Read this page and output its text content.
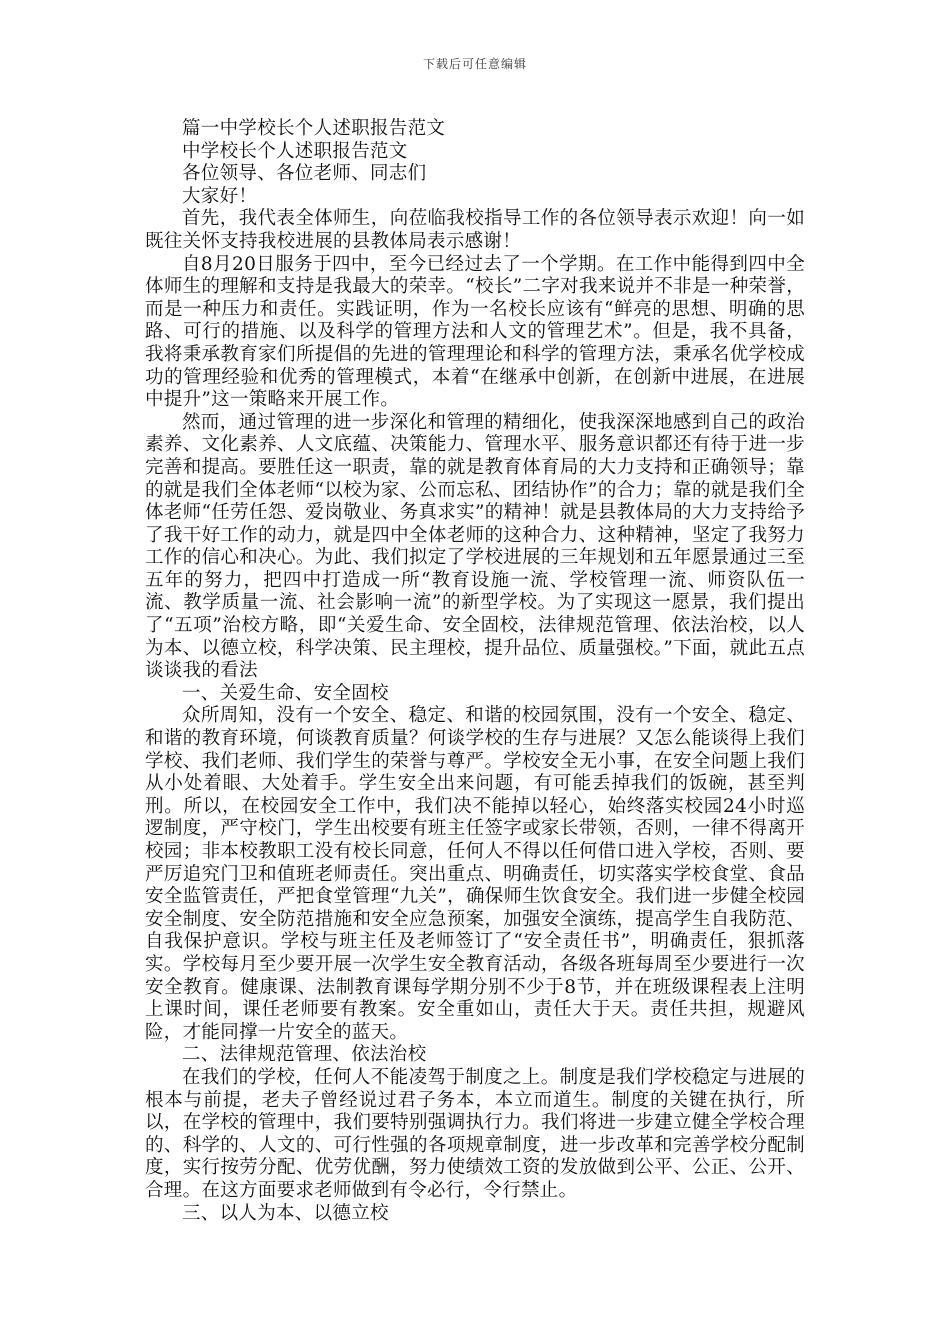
下载后可任意编辑

篇一中学校长个人述职报告范文

中学校长个人述职报告范文

各位领导、各位老师、同志们

大家好！

首先，我代表全体师生，向莅临我校指导工作的各位领导表示欢迎！向一如既往关怀支持我校进展的县教体局表示感谢！

自8月20日服务于四中，至今已经过去了一个学期。在工作中能得到四中全体师生的理解和支持是我最大的荣幸。“校长”二字对我来说并不非是一种荣誉，而是一种压力和责任。实践证明，作为一名校长应该有“鲜亮的思想、明确的思路、可行的措施、以及科学的管理方法和人文的管理艺术”。但是，我不具备，我将秉承教育家们所提倡的先进的管理理论和科学的管理方法，秉承名优学校成功的管理经验和优秀的管理模式，本着“在继承中创新，在创新中进展，在进展中提升”这一策略来开展工作。

然而，通过管理的进一步深化和管理的精细化，使我深深地感到自己的政治素养、文化素养、人文底蕴、决策能力、管理水平、服务意识都还有待于进一步完善和提高。要胜任这一职责，靠的就是教育体育局的大力支持和正确领导；靠的就是我们全体老师“以校为家、公而忘私、团结协作”的合力；靠的就是我们全体老师“任劳任怨、爱岗敬业、务真求实”的精神！就是县教体局的大力支持给予了我干好工作的动力，就是四中全体老师的这种合力、这种精神，坚定了我努力工作的信心和决心。为此、我们拟定了学校进展的三年规划和五年愿景通过三至五年的努力，把四中打造成一所“教育设施一流、学校管理一流、师资队伍一流、教学质量一流、社会影响一流”的新型学校。为了实现这一愿景，我们提出了“五项”治校方略，即“关爱生命、安全固校，法律规范管理、依法治校，以人为本、以德立校，科学决策、民主理校，提升品位、质量强校。”下面，就此五点谈谈我的看法

一、关爱生命、安全固校

众所周知，没有一个安全、稳定、和谐的校园氛围，没有一个安全、稳定、和谐的教育环境，何谈教育质量？何谈学校的生存与进展？又怎么能谈得上我们学校、我们老师、我们学生的荣誉与尊严。学校安全无小事，在安全问题上我们从小处着眼、大处着手。学生安全出来问题，有可能丢掉我们的饭碗，甚至判刑。所以，在校园安全工作中，我们决不能掉以轻心，始终落实校园24小时巡逻制度，严守校门，学生出校要有班主任签字或家长带领，否则，一律不得离开校园；非本校教职工没有校长同意，任何人不得以任何借口进入学校，否则、要严厉追究门卫和值班老师责任。突出重点、明确责任，切实落实学校食堂、食品安全监管责任，严把食堂管理“九关”，确保师生饮食安全。我们进一步健全校园安全制度、安全防范措施和安全应急预案，加强安全演练，提高学生自我防范、自我保护意识。学校与班主任及老师签订了“安全责任书”，明确责任，狠抓落实。学校每月至少要开展一次学生安全教育活动，各级各班每周至少要进行一次安全教育。健康课、法制教育课每学期分别不少于8节，并在班级课程表上注明上课时间，课任老师要有教案。安全重如山，责任大于天。责任共担，规避风险，才能同撑一片安全的蓝天。

二、法律规范管理、依法治校

在我们的学校，任何人不能凌驾于制度之上。制度是我们学校稳定与进展的根本与前提，老夫子曾经说过君子务本，本立而道生。制度的关键在执行，所以，在学校的管理中，我们要特别强调执行力。我们将进一步建立健全学校合理的、科学的、人文的、可行性强的各项规章制度，进一步改革和完善学校分配制度，实行按劳分配、优劳优酬，努力使绩效工资的发放做到公平、公正、公开、合理。在这方面要求老师做到有令必行，令行禁止。

三、以人为本、以德立校
